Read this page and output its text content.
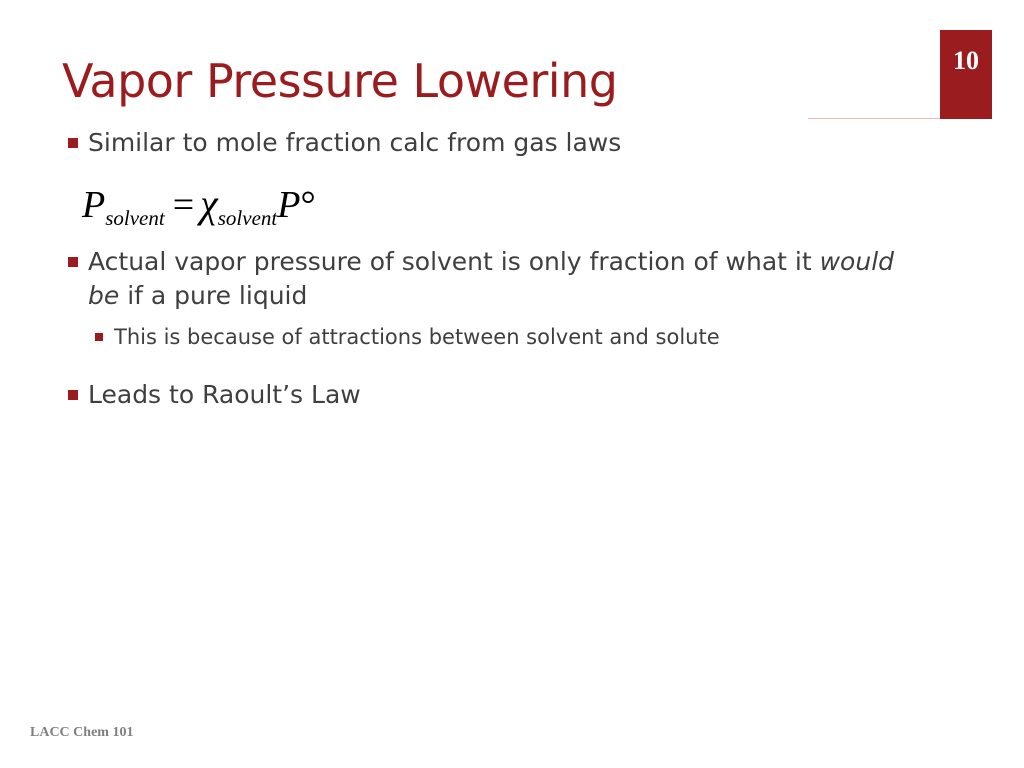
Vapor Pressure Lowering	10
Similar to mole fraction calc from gas laws
$P_{solvent} = \chi_{solvent}P^\circ$
Actual vapor pressure of solvent is only fraction of what it would
be if a pure liquid
This is because of attractions between solvent and solute
Leads to Raoult’s Law
LACC Chem 101
